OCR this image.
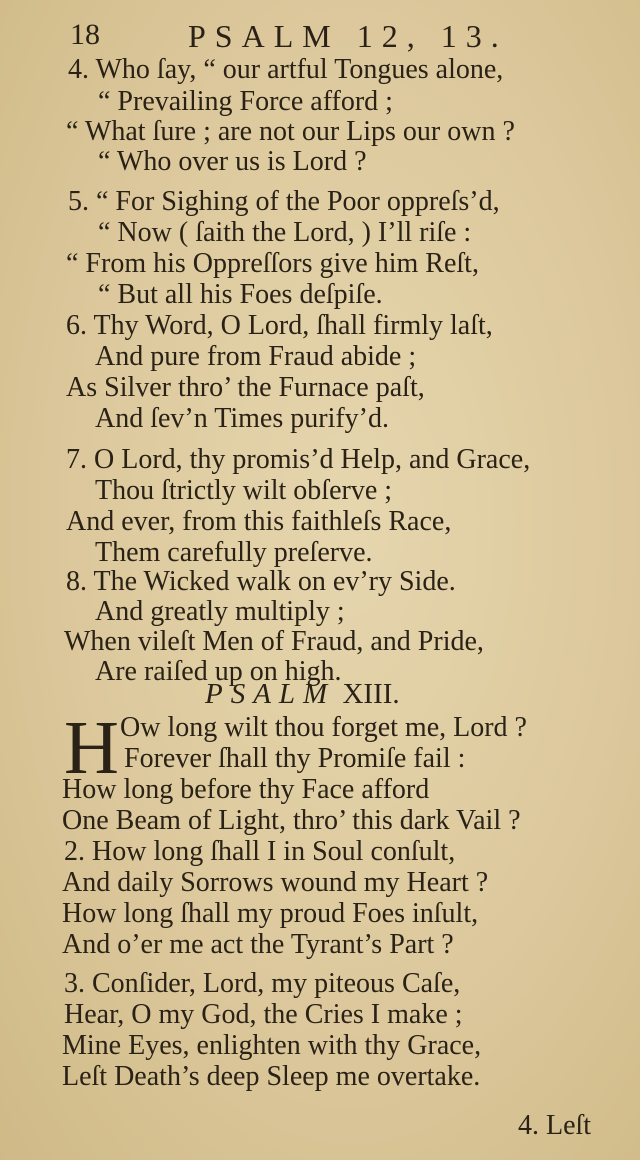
18	PSALM 12, 13.
4. Who ſay, “ our artful Tongues alone,
“ Prevailing Force afford ;
“ What ſure ; are not our Lips our own ?
“ Who over us is Lord ?
5. “ For Sighing of the Poor oppreſs’d,
“ Now ( ſaith the Lord, ) I’ll riſe :
“ From his Oppreſſors give him Reſt,
“ But all his Foes deſpiſe.
6. Thy Word, O Lord, ſhall firmly laſt,
And pure from Fraud abide ;
As Silver thro’ the Furnace paſt,
And ſev’n Times purify’d.
7. O Lord, thy promis’d Help, and Grace,
Thou ſtrictly wilt obſerve ;
And ever, from this faithleſs Race,
Them carefully preſerve.
8. The Wicked walk on ev’ry Side.
And greatly multiply ;
When vileſt Men of Fraud, and Pride,
Are raiſed up on high.
PSALM XIII.
H Ow long wilt thou forget me, Lord ?
Forever ſhall thy Promiſe fail :
How long before thy Face afford
One Beam of Light, thro’ this dark Vail ?
2. How long ſhall I in Soul conſult,
And daily Sorrows wound my Heart ?
How long ſhall my proud Foes inſult,
And o’er me act the Tyrant’s Part ?
3. Conſider, Lord, my piteous Caſe,
Hear, O my God, the Cries I make ;
Mine Eyes, enlighten with thy Grace,
Leſt Death’s deep Sleep me overtake.
4. Leſt
